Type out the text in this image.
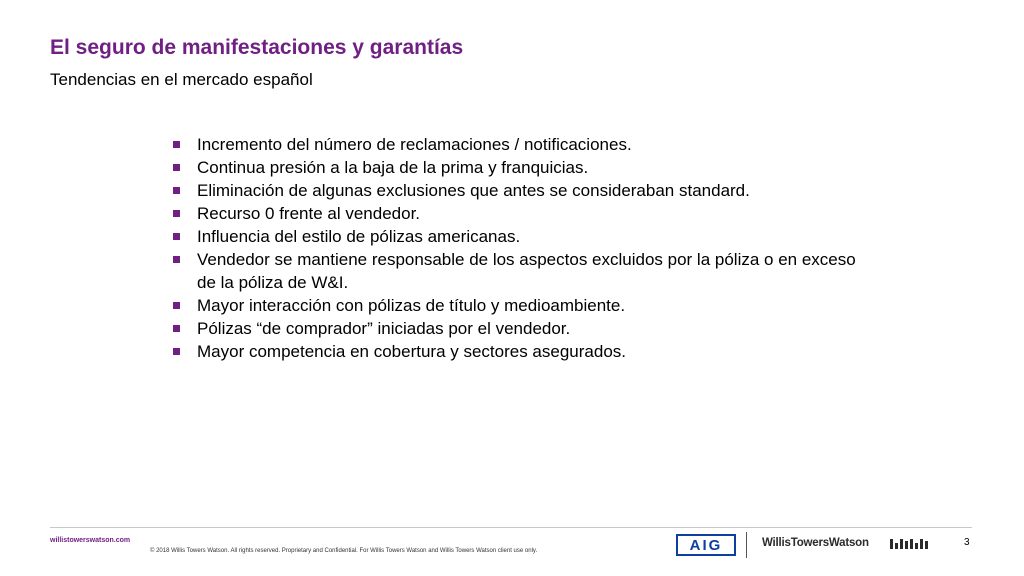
El seguro de manifestaciones y garantías
Tendencias en el mercado español
Incremento del número de reclamaciones / notificaciones.
Continua presión a la baja de la prima y franquicias.
Eliminación de algunas exclusiones que antes se consideraban standard.
Recurso 0 frente al vendedor.
Influencia del estilo de pólizas americanas.
Vendedor se mantiene responsable de los aspectos excluidos por la póliza o en exceso de la póliza de W&I.
Mayor interacción con pólizas de título y medioambiente.
Pólizas “de comprador” iniciadas por el vendedor.
Mayor competencia en cobertura y sectores asegurados.
willistowerswatson.com
© 2018 Willis Towers Watson. All rights reserved. Proprietary and Confidential. For Willis Towers Watson and Willis Towers Watson client use only.	AIG	WillisTowersWatson	3
